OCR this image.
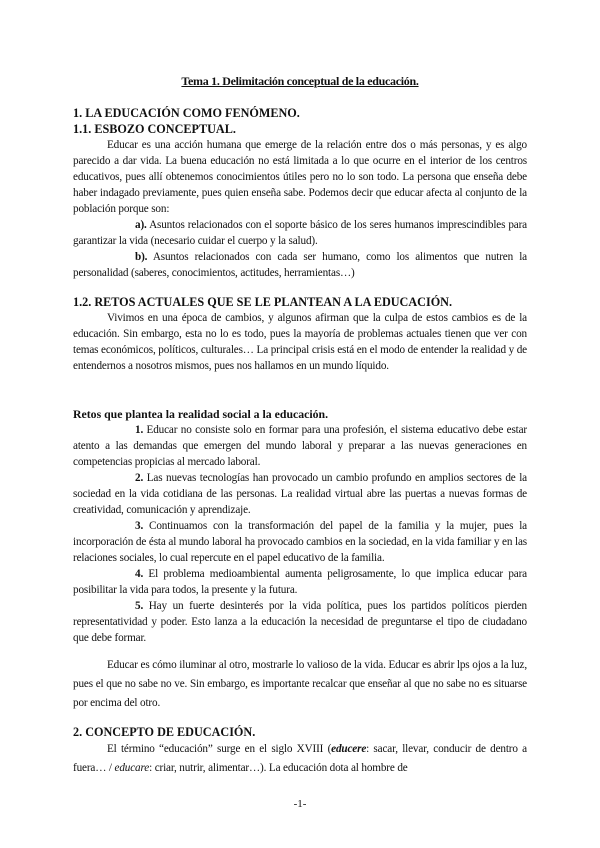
Tema 1. Delimitación conceptual de la educación.
1. LA EDUCACIÓN COMO FENÓMENO.
1.1. ESBOZO CONCEPTUAL.
Educar es una acción humana que emerge de la relación entre dos o más personas, y es algo parecido a dar vida. La buena educación no está limitada a lo que ocurre en el interior de los centros educativos, pues allí obtenemos conocimientos útiles pero no lo son todo. La persona que enseña debe haber indagado previamente, pues quien enseña sabe. Podemos decir que educar afecta al conjunto de la población porque son:
a). Asuntos relacionados con el soporte básico de los seres humanos imprescindibles para garantizar la vida (necesario cuidar el cuerpo y la salud).
b). Asuntos relacionados con cada ser humano, como los alimentos que nutren la personalidad (saberes, conocimientos, actitudes, herramientas…)
1.2. RETOS ACTUALES QUE SE LE PLANTEAN A LA EDUCACIÓN.
Vivimos en una época de cambios, y algunos afirman que la culpa de estos cambios es de la educación. Sin embargo, esta no lo es todo, pues la mayoría de problemas actuales tienen que ver con temas económicos, políticos, culturales… La principal crisis está en el modo de entender la realidad y de entendernos a nosotros mismos, pues nos hallamos en un mundo líquido.
Retos que plantea la realidad social a la educación.
1. Educar no consiste solo en formar para una profesión, el sistema educativo debe estar atento a las demandas que emergen del mundo laboral y preparar a las nuevas generaciones en competencias propicias al mercado laboral.
2. Las nuevas tecnologías han provocado un cambio profundo en amplios sectores de la sociedad en la vida cotidiana de las personas. La realidad virtual abre las puertas a nuevas formas de creatividad, comunicación y aprendizaje.
3. Continuamos con la transformación del papel de la familia y la mujer, pues la incorporación de ésta al mundo laboral ha provocado cambios en la sociedad, en la vida familiar y en las relaciones sociales, lo cual repercute en el papel educativo de la familia.
4. El problema medioambiental aumenta peligrosamente, lo que implica educar para posibilitar la vida para todos, la presente y la futura.
5. Hay un fuerte desinterés por la vida política, pues los partidos políticos pierden representatividad y poder. Esto lanza a la educación la necesidad de preguntarse el tipo de ciudadano que debe formar.
Educar es cómo iluminar al otro, mostrarle lo valioso de la vida. Educar es abrir lps ojos a la luz, pues el que no sabe no ve. Sin embargo, es importante recalcar que enseñar al que no sabe no es situarse por encima del otro.
2. CONCEPTO DE EDUCACIÓN.
El término “educación” surge en el siglo XVIII (educere: sacar, llevar, conducir de dentro a fuera… / educare: criar, nutrir, alimentar…). La educación dota al hombre de
-1-
